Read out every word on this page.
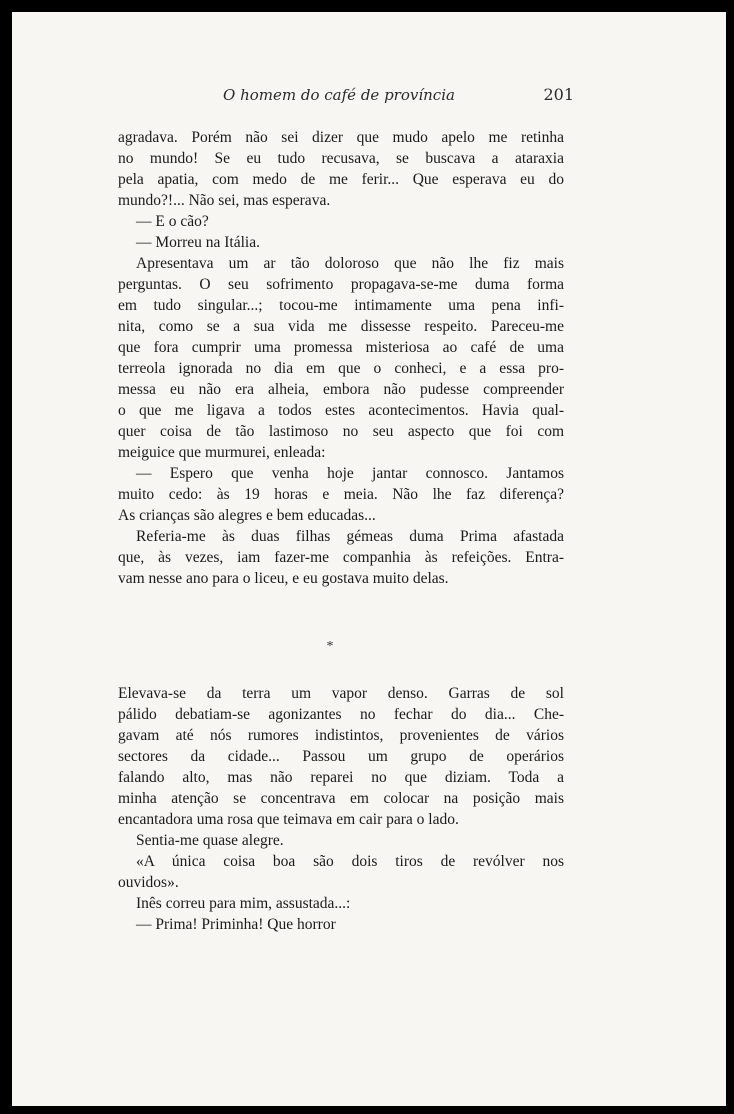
O homem do café de província	201
agradava. Porém não sei dizer que mudo apelo me retinha
no mundo! Se eu tudo recusava, se buscava a ataraxia
pela apatia, com medo de me ferir... Que esperava eu do
mundo?!... Não sei, mas esperava.
— E o cão?
— Morreu na Itália.
Apresentava um ar tão doloroso que não lhe fiz mais
perguntas. O seu sofrimento propagava-se-me duma forma
em tudo singular...; tocou-me intimamente uma pena infi-
nita, como se a sua vida me dissesse respeito. Pareceu-me
que fora cumprir uma promessa misteriosa ao café de uma
terreola ignorada no dia em que o conheci, e a essa pro-
messa eu não era alheia, embora não pudesse compreender
o que me ligava a todos estes acontecimentos. Havia qual-
quer coisa de tão lastimoso no seu aspecto que foi com
meiguice que murmurei, enleada:
— Espero que venha hoje jantar connosco. Jantamos
muito cedo: às 19 horas e meia. Não lhe faz diferença?
As crianças são alegres e bem educadas...
Referia-me às duas filhas gémeas duma Prima afastada
que, às vezes, iam fazer-me companhia às refeições. Entra-
vam nesse ano para o liceu, e eu gostava muito delas.
*
Elevava-se da terra um vapor denso. Garras de sol
pálido debatiam-se agonizantes no fechar do dia... Che-
gavam até nós rumores indistintos, provenientes de vários
sectores da cidade... Passou um grupo de operários
falando alto, mas não reparei no que diziam. Toda a
minha atenção se concentrava em colocar na posição mais
encantadora uma rosa que teimava em cair para o lado.
Sentia-me quase alegre.
«A única coisa boa são dois tiros de revólver nos
ouvidos».
Inês correu para mim, assustada...:
— Prima! Priminha! Que horror
